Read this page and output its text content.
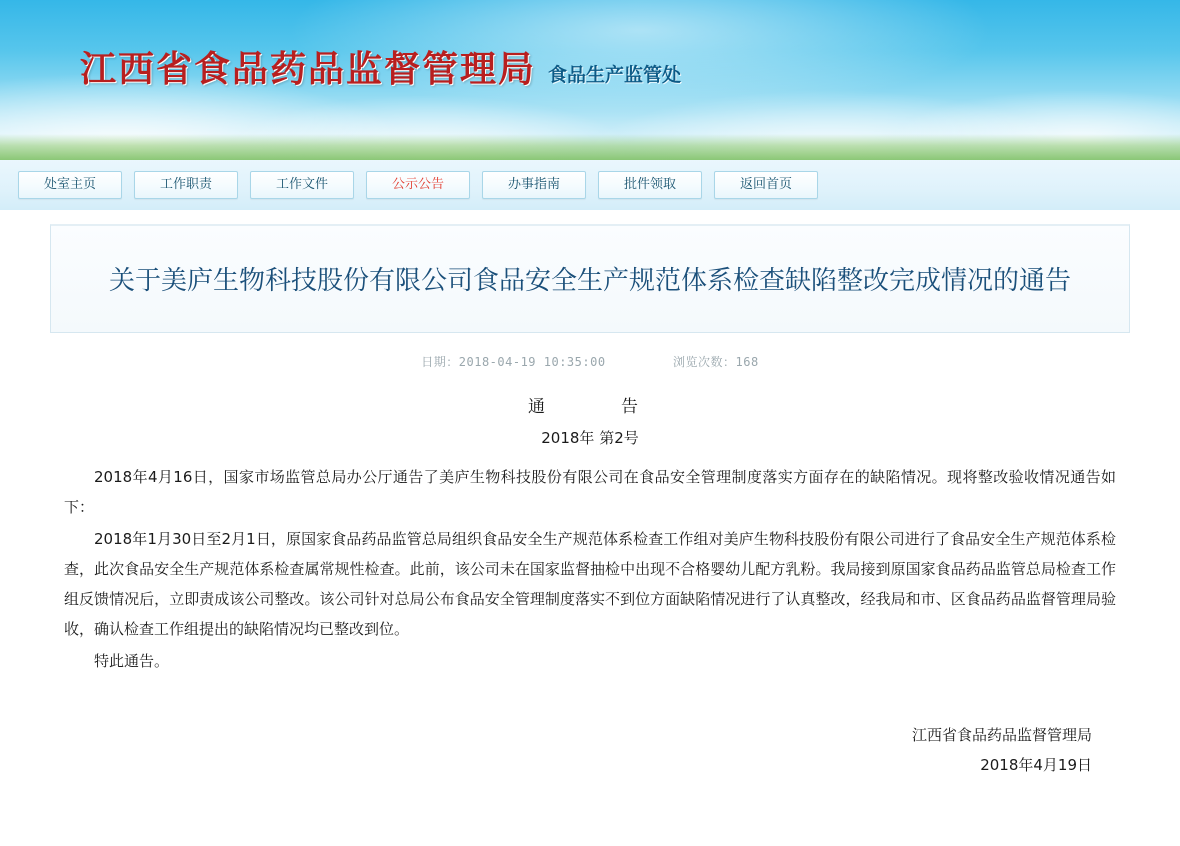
江西省食品药品监督管理局 食品生产监管处
处室主页	工作职责	工作文件	公示公告	办事指南	批件领取	返回首页
关于美庐生物科技股份有限公司食品安全生产规范体系检查缺陷整改完成情况的通告
日期：2018-04-19 10:35:00	浏览次数：168
通　　告
2018年 第2号

2018年4月16日，国家市场监管总局办公厅通告了美庐生物科技股份有限公司在食品安全管理制度落实方面存在的缺陷情况。现将整改验收情况通告如下：

2018年1月30日至2月1日，原国家食品药品监管总局组织食品安全生产规范体系检查工作组对美庐生物科技股份有限公司进行了食品安全生产规范体系检查，此次食品安全生产规范体系检查属常规性检查。此前，该公司未在国家监督抽检中出现不合格婴幼儿配方乳粉。我局接到原国家食品药品监管总局检查工作组反馈情况后，立即责成该公司整改。该公司针对总局公布食品安全管理制度落实不到位方面缺陷情况进行了认真整改，经我局和市、区食品药品监督管理局验收，确认检查工作组提出的缺陷情况均已整改到位。

特此通告。

江西省食品药品监督管理局
2018年4月19日
